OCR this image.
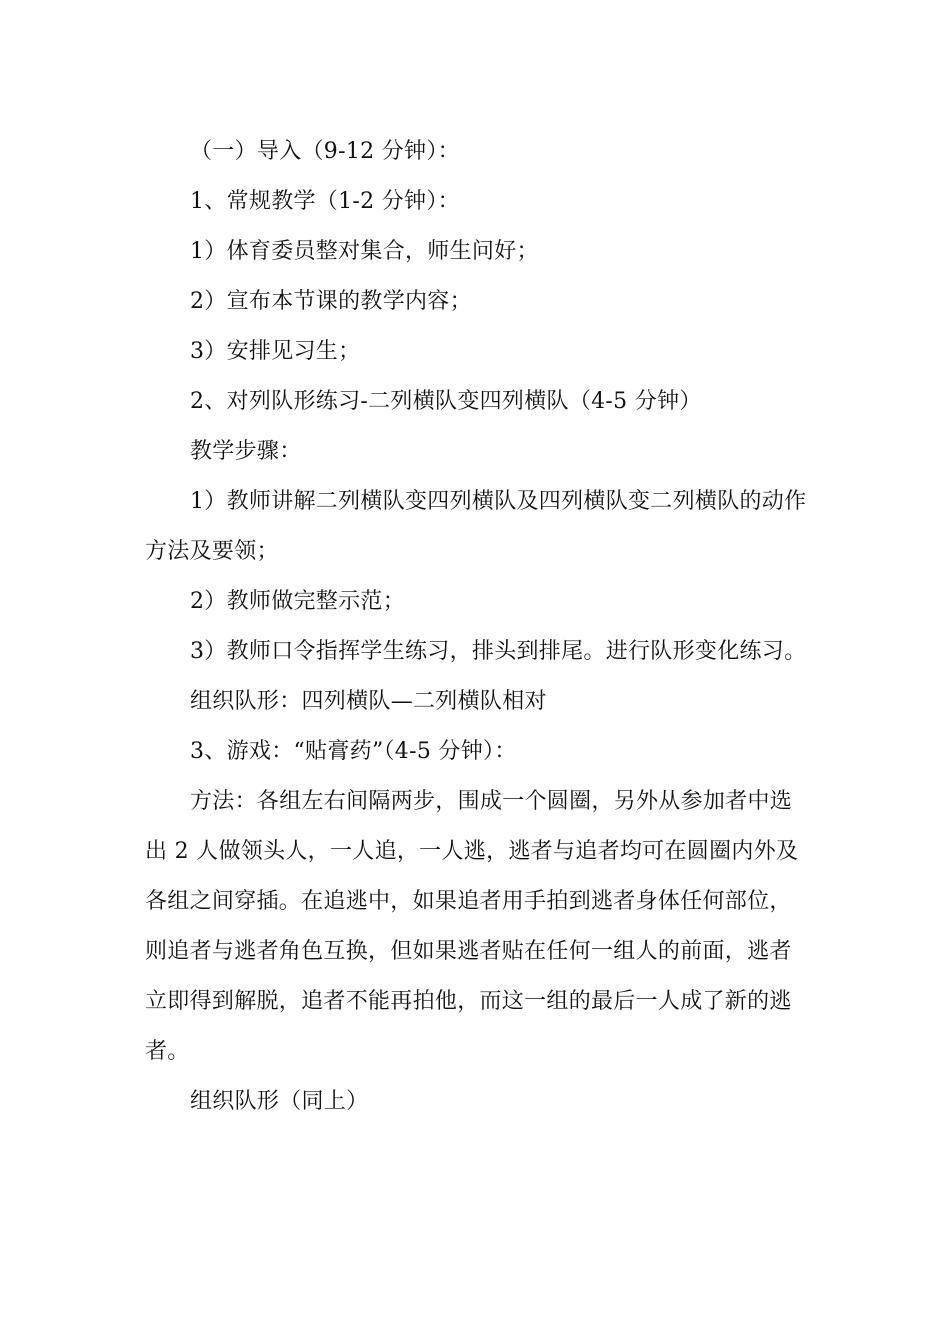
（一）导入（9-12 分钟）：
1、常规教学（1-2 分钟）：
1）体育委员整对集合，师生问好；
2）宣布本节课的教学内容；
3）安排见习生；
2、对列队形练习-二列横队变四列横队（4-5 分钟）
教学步骤：
1）教师讲解二列横队变四列横队及四列横队变二列横队的动作
方法及要领；
2）教师做完整示范；
3）教师口令指挥学生练习，排头到排尾。进行队形变化练习。
组织队形：四列横队—二列横队相对
3、游戏：“贴膏药”（4-5 分钟）：
方法：各组左右间隔两步，围成一个圆圈，另外从参加者中选
出 2 人做领头人，一人追，一人逃，逃者与追者均可在圆圈内外及
各组之间穿插。在追逃中，如果追者用手拍到逃者身体任何部位，
则追者与逃者角色互换，但如果逃者贴在任何一组人的前面，逃者
立即得到解脱，追者不能再拍他，而这一组的最后一人成了新的逃
者。
组织队形（同上）
